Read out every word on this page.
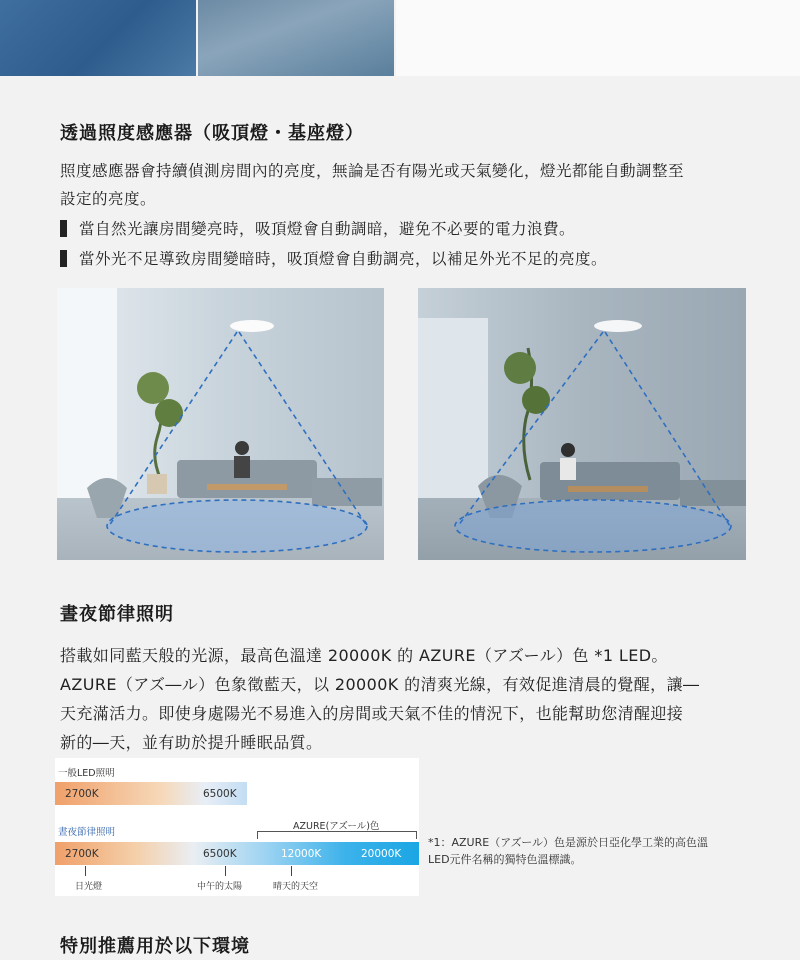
透過照度感應器（吸頂燈・基座燈）

照度感應器會持續偵測房間內的亮度，無論是否有陽光或天氣變化，燈光都能自動調整至
設定的亮度。

當自然光讓房間變亮時，吸頂燈會自動調暗，避免不必要的電力浪費。
當外光不足導致房間變暗時，吸頂燈會自動調亮，以補足外光不足的亮度。
晝夜節律照明

搭載如同藍天般的光源，最高色溫達 20000K 的 AZURE（アズール）色 *1 LED。
AZURE（アズ―ル）色象徵藍天，以 20000K 的清爽光線，有效促進清晨的覺醒，讓―
天充滿活力。即使身處陽光不易進入的房間或天氣不佳的情況下，也能幫助您清醒迎接
新的―天，並有助於提升睡眠品質。

一般LED照明
2700K	6500K
晝夜節律照明
AZURE(アズール)色
2700K	6500K	12000K	20000K
日光燈	中午的太陽	晴天的天空

*1：AZURE（アズール）色是源於日亞化學工業的高色溫
LED元件名稱的獨特色溫標識。

特別推薦用於以下環境
